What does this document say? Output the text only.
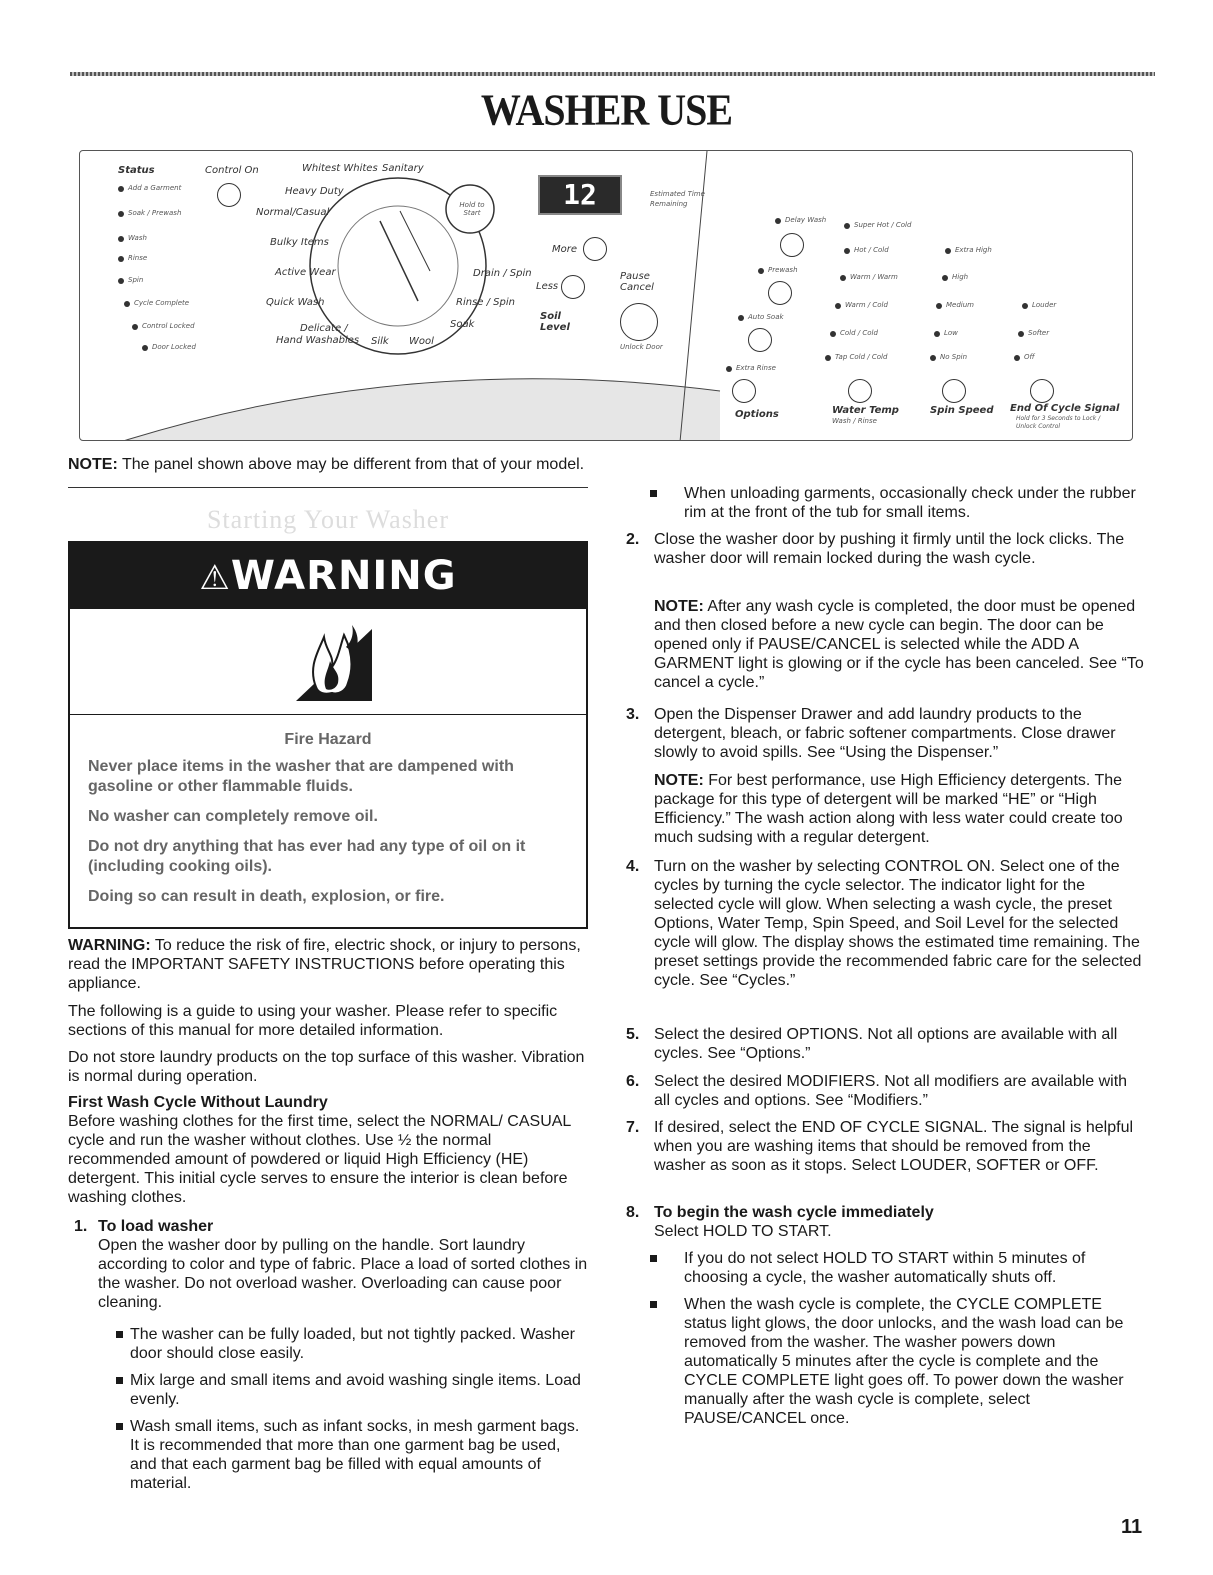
WASHER USE
Status
Add a Garment
Soak / Prewash
Wash
Rinse
Spin
Cycle Complete
Control Locked
Door Locked
Control On	Whitest Whites Sanitary
Heavy Duty
Normal/Casual
Bulky Items
Active Wear
Quick Wash
Delicate /
Hand Washables Silk Wool
Drain / Spin
Rinse / Spin
Soak
Hold to Start
12	Estimated Time Remaining
More
Less
Soil Level
Pause Cancel
Unlock Door
Delay Wash
Prewash
Auto Soak
Extra Rinse
Options
Super Hot / Cold
Hot / Cold
Warm / Warm
Warm / Cold
Cold / Cold
Tap Cold / Cold
Water Temp
Wash / Rinse
Extra High
High
Medium
Low
No Spin
Spin Speed
Louder
Softer
Off
End Of Cycle Signal
Hold for 3 Seconds to Lock / Unlock Control
NOTE: The panel shown above may be different from that of your model.
Starting Your Washer
⚠WARNING
Fire Hazard
Never place items in the washer that are dampened with gasoline or other flammable fluids.
No washer can completely remove oil.
Do not dry anything that has ever had any type of oil on it (including cooking oils).
Doing so can result in death, explosion, or fire.
WARNING: To reduce the risk of fire, electric shock, or injury to persons, read the IMPORTANT SAFETY INSTRUCTIONS before operating this appliance.
The following is a guide to using your washer. Please refer to specific sections of this manual for more detailed information.
Do not store laundry products on the top surface of this washer. Vibration is normal during operation.
First Wash Cycle Without Laundry
Before washing clothes for the first time, select the NORMAL/ CASUAL cycle and run the washer without clothes. Use ½ the normal recommended amount of powdered or liquid High Efficiency (HE) detergent. This initial cycle serves to ensure the interior is clean before washing clothes.
1. To load washer
Open the washer door by pulling on the handle. Sort laundry according to color and type of fabric. Place a load of sorted clothes in the washer. Do not overload washer. Overloading can cause poor cleaning.
The washer can be fully loaded, but not tightly packed. Washer door should close easily.
Mix large and small items and avoid washing single items. Load evenly.
Wash small items, such as infant socks, in mesh garment bags. It is recommended that more than one garment bag be used, and that each garment bag be filled with equal amounts of material.
When unloading garments, occasionally check under the rubber rim at the front of the tub for small items.
2. Close the washer door by pushing it firmly until the lock clicks. The washer door will remain locked during the wash cycle.
NOTE: After any wash cycle is completed, the door must be opened and then closed before a new cycle can begin. The door can be opened only if PAUSE/CANCEL is selected while the ADD A GARMENT light is glowing or if the cycle has been canceled. See “To cancel a cycle.”
3. Open the Dispenser Drawer and add laundry products to the detergent, bleach, or fabric softener compartments. Close drawer slowly to avoid spills. See “Using the Dispenser.”
NOTE: For best performance, use High Efficiency detergents. The package for this type of detergent will be marked “HE” or “High Efficiency.” The wash action along with less water could create too much sudsing with a regular detergent.
4. Turn on the washer by selecting CONTROL ON. Select one of the cycles by turning the cycle selector. The indicator light for the selected cycle will glow. When selecting a wash cycle, the preset Options, Water Temp, Spin Speed, and Soil Level for the selected cycle will glow. The display shows the estimated time remaining. The preset settings provide the recommended fabric care for the selected cycle. See “Cycles.”
5. Select the desired OPTIONS. Not all options are available with all cycles. See “Options.”
6. Select the desired MODIFIERS. Not all modifiers are available with all cycles and options. See “Modifiers.”
7. If desired, select the END OF CYCLE SIGNAL. The signal is helpful when you are washing items that should be removed from the washer as soon as it stops. Select LOUDER, SOFTER or OFF.
8. To begin the wash cycle immediately
Select HOLD TO START.
If you do not select HOLD TO START within 5 minutes of choosing a cycle, the washer automatically shuts off.
When the wash cycle is complete, the CYCLE COMPLETE status light glows, the door unlocks, and the wash load can be removed from the washer. The washer powers down automatically 5 minutes after the cycle is complete and the CYCLE COMPLETE light goes off. To power down the washer manually after the wash cycle is complete, select PAUSE/CANCEL once.
11
